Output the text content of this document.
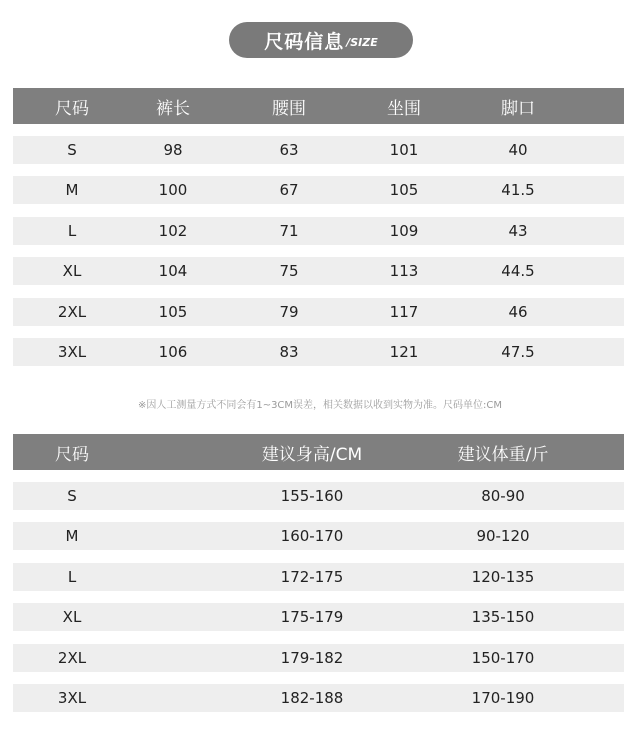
尺码信息 /SIZE
尺码	裤长	腰围	坐围	脚口
S	98	63	101	40
M	100	67	105	41.5
L	102	71	109	43
XL	104	75	113	44.5
2XL	105	79	117	46
3XL	106	83	121	47.5
※因人工测量方式不同会有1~3CM误差，相关数据以收到实物为准。尺码单位:CM
尺码	建议身高/CM	建议体重/斤
S	155-160	80-90
M	160-170	90-120
L	172-175	120-135
XL	175-179	135-150
2XL	179-182	150-170
3XL	182-188	170-190
